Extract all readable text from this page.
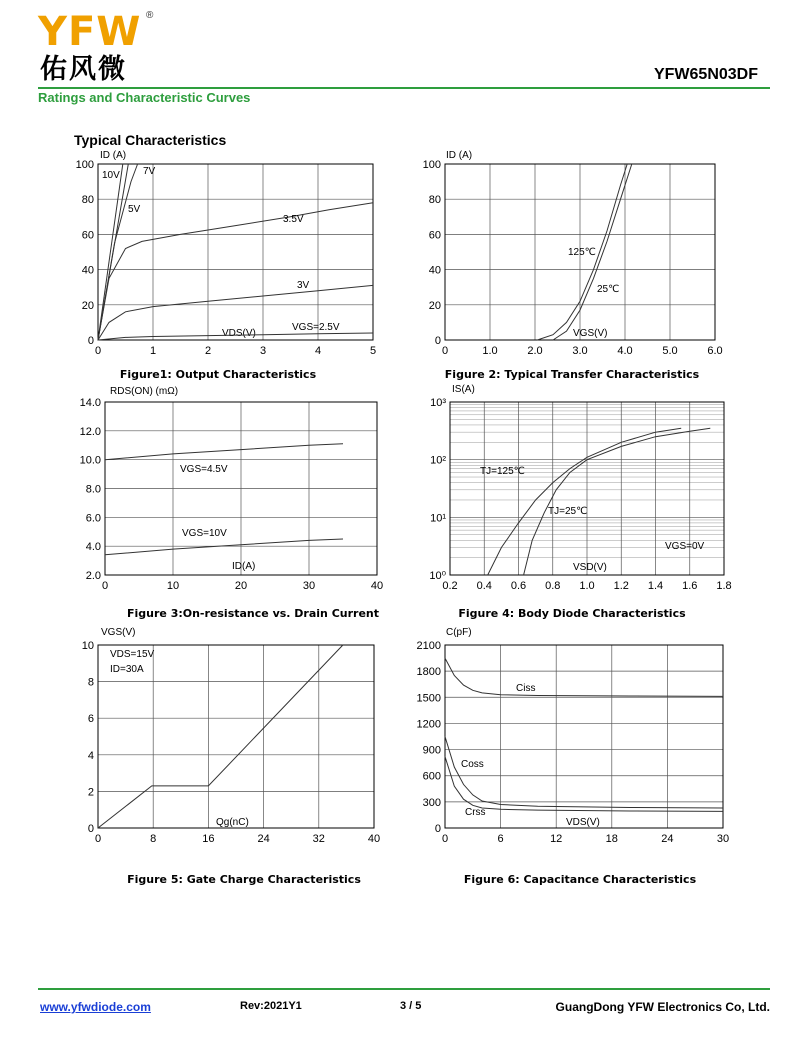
YFW ®
佑风微	YFW65N03DF
Ratings and Characteristic Curves
Typical Characteristics
0	1	2	3	4	5
0
20
40
60
80
100
ID (A)
VDS(V)
10V 7V
5V
3.5V
3V
VGS=2.5V
Figure1: Output Characteristics
0	1.0	2.0	3.0	4.0	5.0	6.0
0
20
40
60
80
100
ID (A)
VGS(V)
125℃
25℃
Figure 2: Typical Transfer Characteristics
0	10	20	30	40
2.0
4.0
6.0
8.0
10.0
12.0
14.0
RDS(ON) (mΩ)
ID(A)
VGS=4.5V
VGS=10V
Figure 3:On-resistance vs. Drain Current
0.2 0.4 0.6 0.8 1.0 1.2 1.4 1.6 1.8
10⁰
10¹
10²
10³
IS(A)
VSD(V)
VGS=0V
TJ=125℃
TJ=25℃
Figure 4: Body Diode Characteristics
0	8	16	24	32	40
0
2
4
6
8
10
VGS(V)
Qg(nC)
VDS=15V
ID=30A
Figure 5: Gate Charge Characteristics
0	6	12	18	24	30
0
300
600
900
1200
1500
1800
2100
C(pF)
VDS(V)
Ciss
Coss
Crss
Figure 6: Capacitance Characteristics
www.yfwdiode.com	Rev:2021Y1	3 / 5	GuangDong YFW Electronics Co, Ltd.
